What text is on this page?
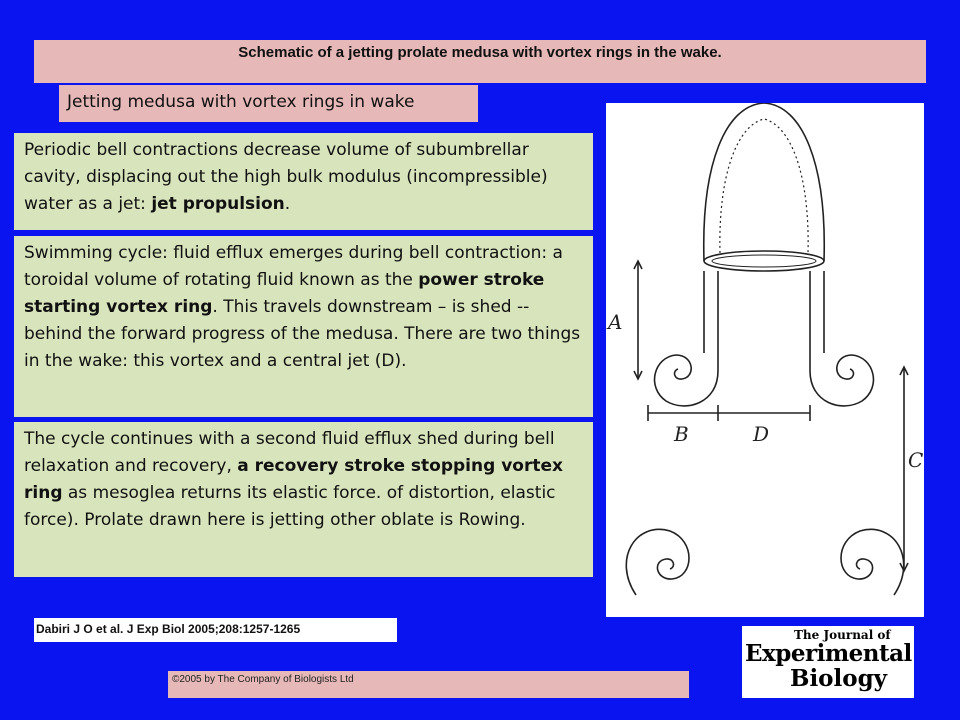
Schematic of a jetting prolate medusa with vortex rings in the wake.
Jetting medusa with vortex rings in wake
Periodic bell contractions decrease volume of subumbrellar cavity, displacing out the high bulk modulus (incompressible) water as a jet: jet propulsion.
Swimming cycle: fluid efflux emerges during bell contraction: a toroidal volume of rotating fluid known as the power stroke starting vortex ring. This travels downstream – is shed -- behind the forward progress of the medusa. There are two things in the wake: this vortex and a central jet (D).
The cycle continues with a second fluid efflux shed during bell relaxation and recovery, a recovery stroke stopping vortex ring as mesoglea returns its elastic force. of distortion, elastic force). Prolate drawn here is jetting other oblate is Rowing.
A
B	D
C
Dabiri J O et al. J Exp Biol 2005;208:1257-1265
©2005 by The Company of Biologists Ltd
The Journal of
Experimental
Biology
